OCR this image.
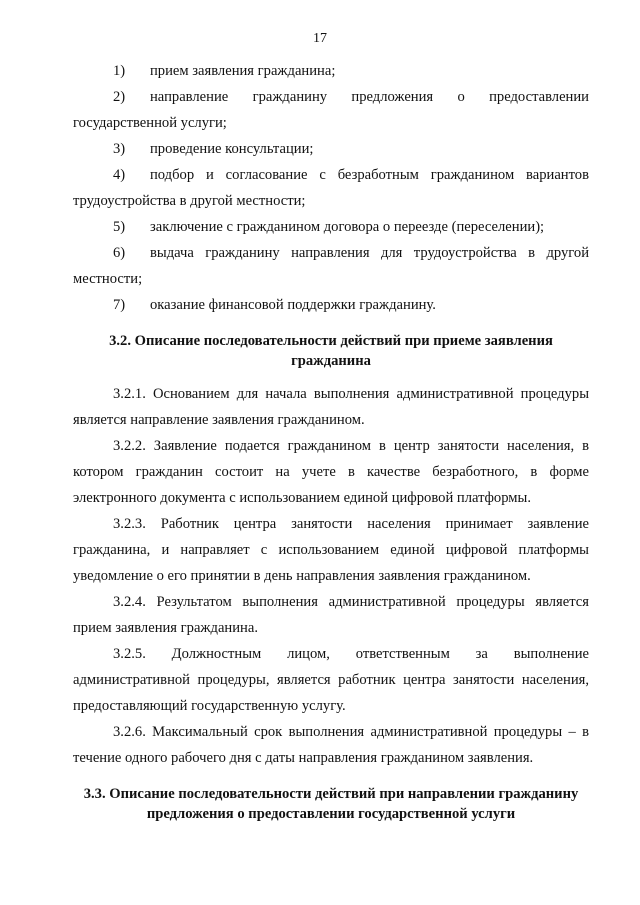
17

1) прием заявления гражданина;

2) направление гражданину предложения о предоставлении государственной услуги;

3) проведение консультации;

4) подбор и согласование с безработным гражданином вариантов трудоустройства в другой местности;

5) заключение с гражданином договора о переезде (переселении);

6) выдача гражданину направления для трудоустройства в другой местности;

7) оказание финансовой поддержки гражданину.

3.2. Описание последовательности действий при приеме заявления гражданина

3.2.1. Основанием для начала выполнения административной процедуры является направление заявления гражданином.

3.2.2. Заявление подается гражданином в центр занятости населения, в котором гражданин состоит на учете в качестве безработного, в форме электронного документа с использованием единой цифровой платформы.

3.2.3. Работник центра занятости населения принимает заявление гражданина, и направляет с использованием единой цифровой платформы уведомление о его принятии в день направления заявления гражданином.

3.2.4. Результатом выполнения административной процедуры является прием заявления гражданина.

3.2.5. Должностным лицом, ответственным за выполнение административной процедуры, является работник центра занятости населения, предоставляющий государственную услугу.

3.2.6. Максимальный срок выполнения административной процедуры – в течение одного рабочего дня с даты направления гражданином заявления.

3.3. Описание последовательности действий при направлении гражданину предложения о предоставлении государственной услуги
